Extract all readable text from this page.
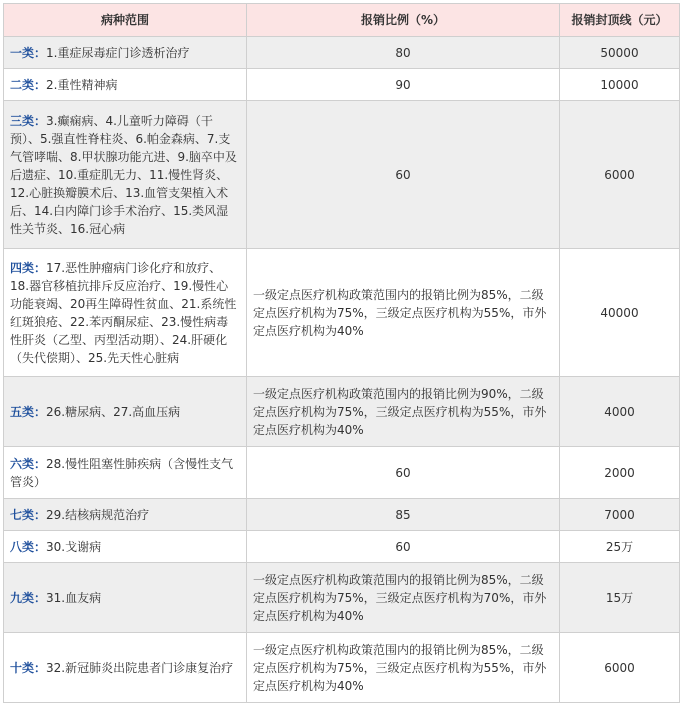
病种范围	报销比例（%）	报销封顶线（元）
一类：1.重症尿毒症门诊透析治疗	80	50000
二类：2.重性精神病	90	10000
三类：3.癫痫病、4.儿童听力障碍（干预）、5.强直性脊柱炎、6.帕金森病、7.支气管哮喘、8.甲状腺功能亢进、9.脑卒中及后遗症、10.重症肌无力、11.慢性肾炎、12.心脏换瓣膜术后、13.血管支架植入术后、14.白内障门诊手术治疗、15.类风湿性关节炎、16.冠心病	60	6000
四类：17.恶性肿瘤病门诊化疗和放疗、18.器官移植抗排斥反应治疗、19.慢性心功能衰竭、20再生障碍性贫血、21.系统性红斑狼疮、22.苯丙酮尿症、23.慢性病毒性肝炎（乙型、丙型活动期）、24.肝硬化（失代偿期）、25.先天性心脏病	一级定点医疗机构政策范围内的报销比例为85%，二级定点医疗机构为75%，三级定点医疗机构为55%，市外定点医疗机构为40%	40000
五类：26.糖尿病、27.高血压病	一级定点医疗机构政策范围内的报销比例为90%，二级定点医疗机构为75%，三级定点医疗机构为55%，市外定点医疗机构为40%	4000
六类：28.慢性阻塞性肺疾病（含慢性支气管炎）	60	2000
七类：29.结核病规范治疗	85	7000
八类：30.戈谢病	60	25万
九类：31.血友病	一级定点医疗机构政策范围内的报销比例为85%，二级定点医疗机构为75%，三级定点医疗机构为70%，市外定点医疗机构为40%	15万
十类：32.新冠肺炎出院患者门诊康复治疗	一级定点医疗机构政策范围内的报销比例为85%，二级定点医疗机构为75%，三级定点医疗机构为55%，市外定点医疗机构为40%	6000
